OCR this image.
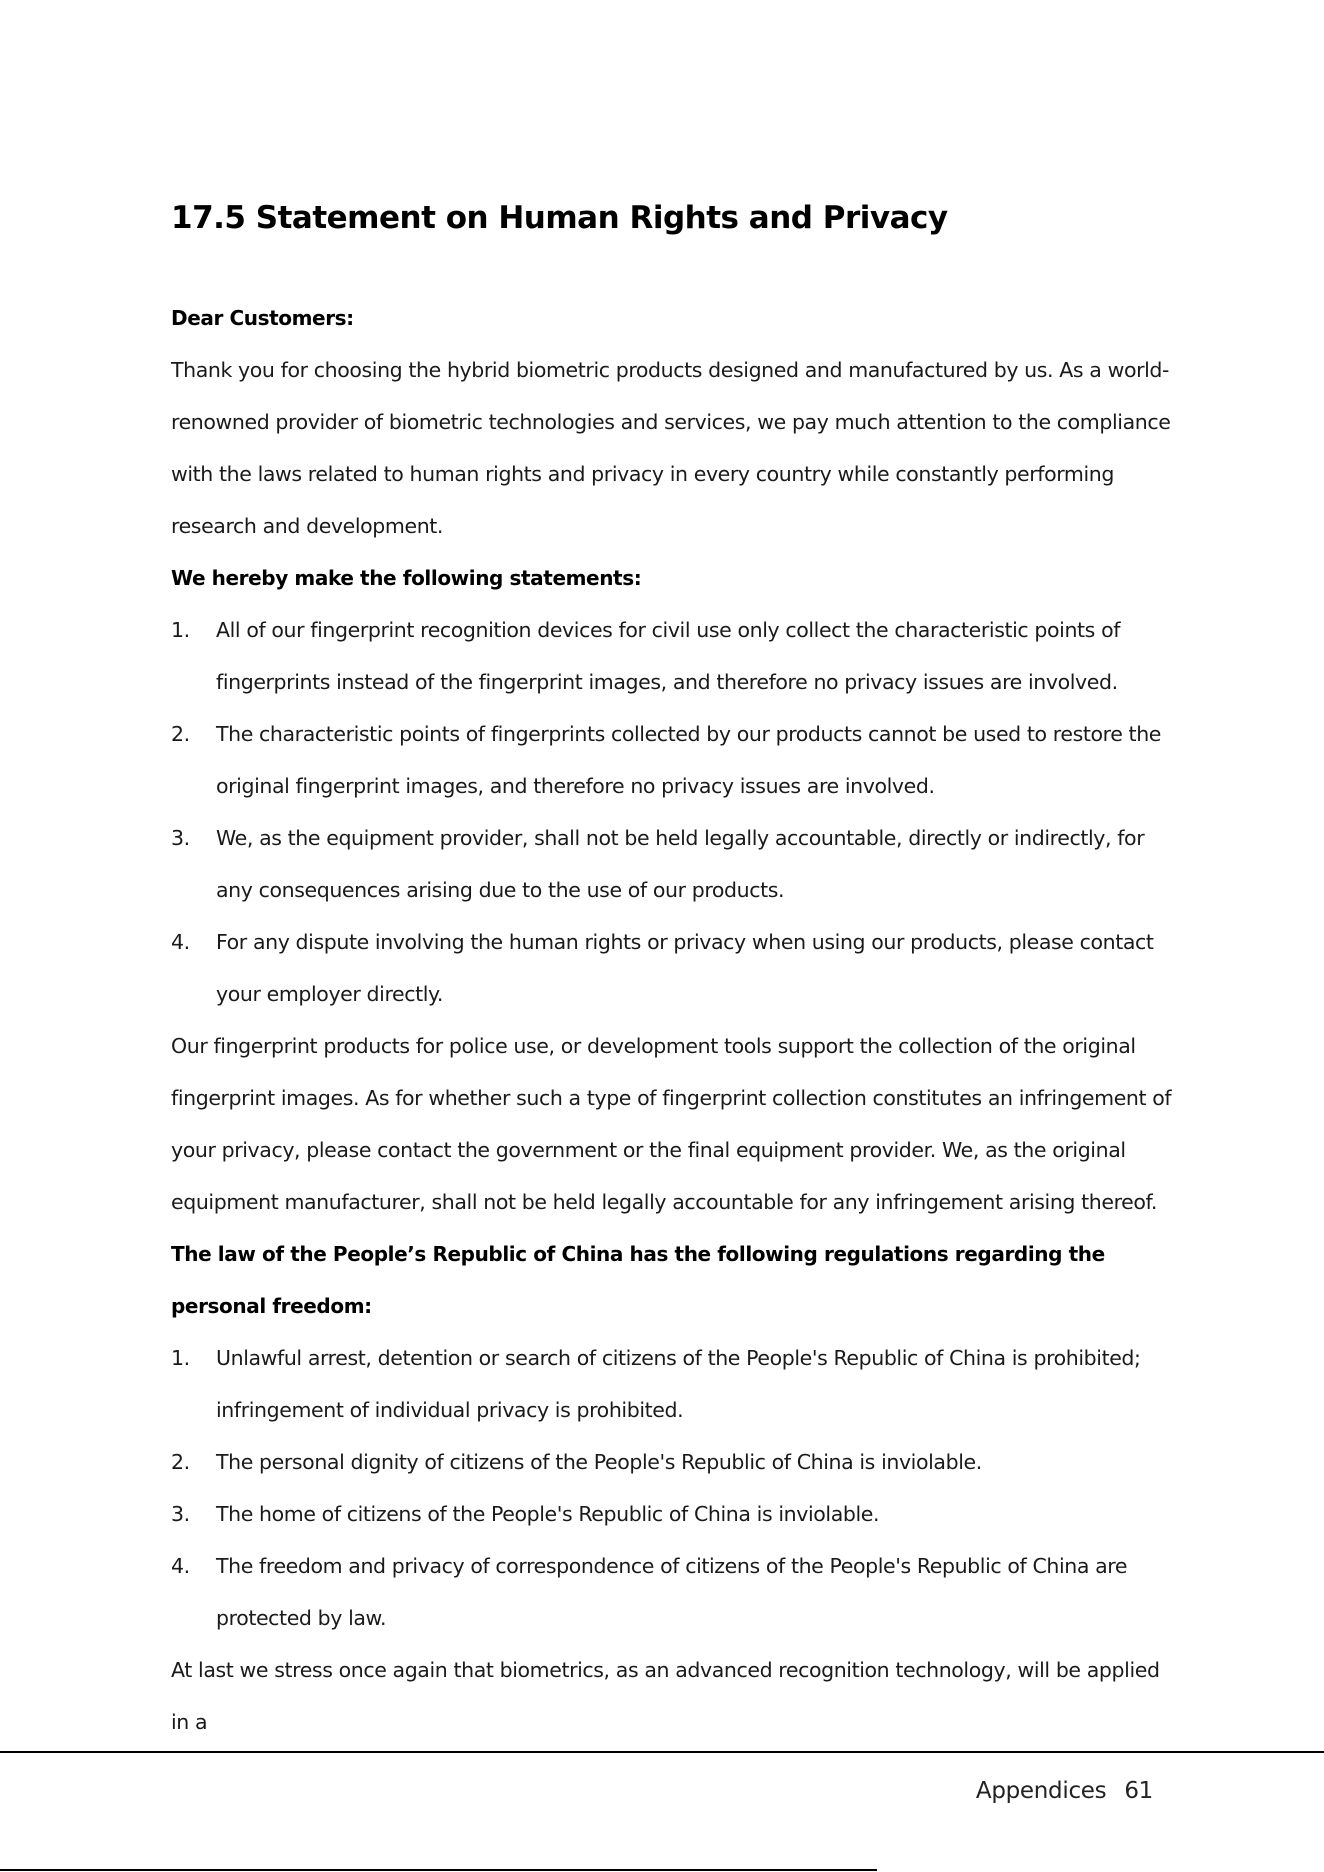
17.5 Statement on Human Rights and Privacy

Dear Customers:

Thank you for choosing the hybrid biometric products designed and manufactured by us. As a world-renowned provider of biometric technologies and services, we pay much attention to the compliance with the laws related to human rights and privacy in every country while constantly performing research and development.

We hereby make the following statements:

1. All of our fingerprint recognition devices for civil use only collect the characteristic points of fingerprints instead of the fingerprint images, and therefore no privacy issues are involved.
2. The characteristic points of fingerprints collected by our products cannot be used to restore the original fingerprint images, and therefore no privacy issues are involved.
3. We, as the equipment provider, shall not be held legally accountable, directly or indirectly, for any consequences arising due to the use of our products.
4. For any dispute involving the human rights or privacy when using our products, please contact your employer directly.

Our fingerprint products for police use, or development tools support the collection of the original fingerprint images. As for whether such a type of fingerprint collection constitutes an infringement of your privacy, please contact the government or the final equipment provider. We, as the original equipment manufacturer, shall not be held legally accountable for any infringement arising thereof.

The law of the People’s Republic of China has the following regulations regarding the personal freedom:

1. Unlawful arrest, detention or search of citizens of the People's Republic of China is prohibited; infringement of individual privacy is prohibited.
2. The personal dignity of citizens of the People's Republic of China is inviolable.
3. The home of citizens of the People's Republic of China is inviolable.
4. The freedom and privacy of correspondence of citizens of the People's Republic of China are protected by law.

At last we stress once again that biometrics, as an advanced recognition technology, will be applied in a

Appendices 61
